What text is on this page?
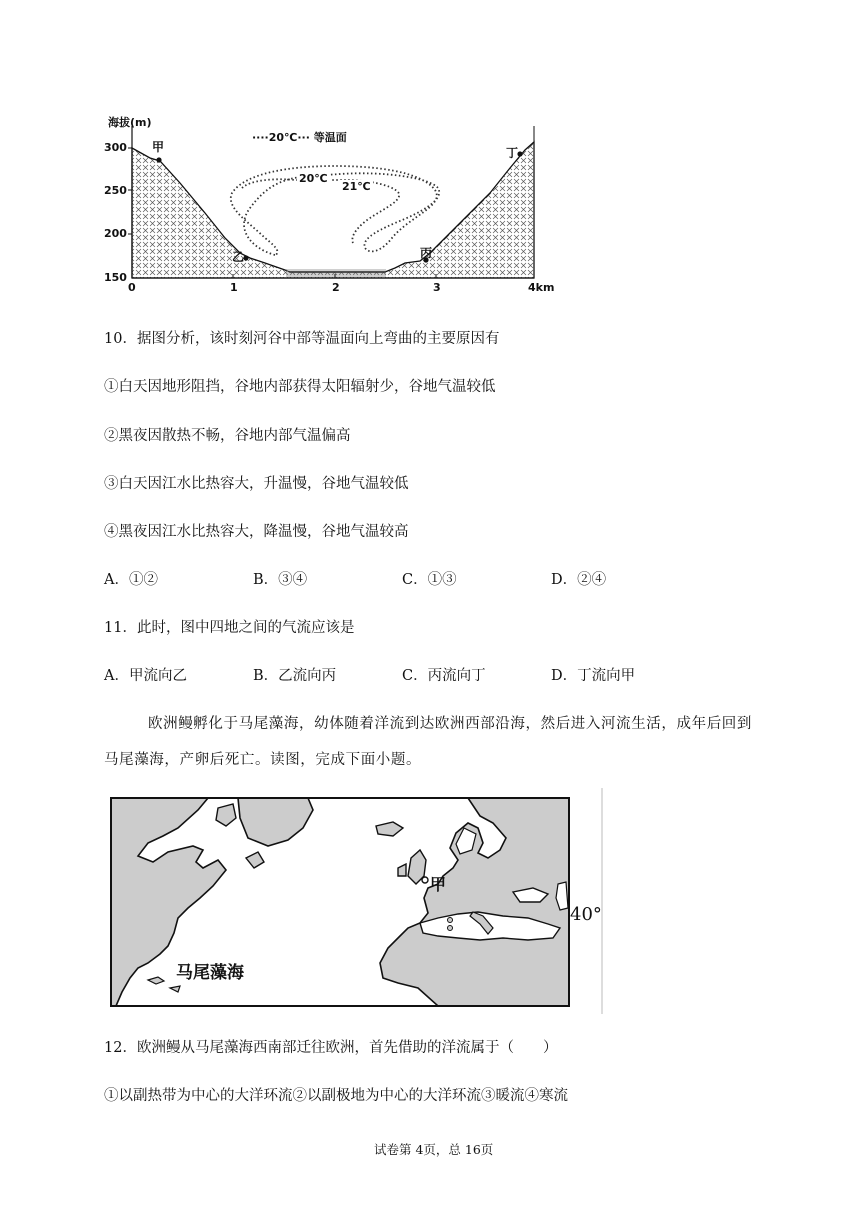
海拔(m)
····20℃··· 等温面
300
250
200
150
0	1	2	3	4km
20℃
21℃
甲
乙	丙
丁
10．据图分析，该时刻河谷中部等温面向上弯曲的主要原因有
①白天因地形阻挡，谷地内部获得太阳辐射少，谷地气温较低
②黑夜因散热不畅，谷地内部气温偏高
③白天因江水比热容大，升温慢，谷地气温较低
④黑夜因江水比热容大，降温慢，谷地气温较高
A．①②	B．③④	C．①③	D．②④
11．此时，图中四地之间的气流应该是
A．甲流向乙	B．乙流向丙	C．丙流向丁	D．丁流向甲
欧洲鳗孵化于马尾藻海，幼体随着洋流到达欧洲西部沿海，然后进入河流生活，成年后回到
马尾藻海，产卵后死亡。读图，完成下面小题。
马尾藻海
甲
40°
12．欧洲鳗从马尾藻海西南部迁往欧洲，首先借助的洋流属于（　　）
①以副热带为中心的大洋环流②以副极地为中心的大洋环流③暖流④寒流
试卷第 4页，总 16页
